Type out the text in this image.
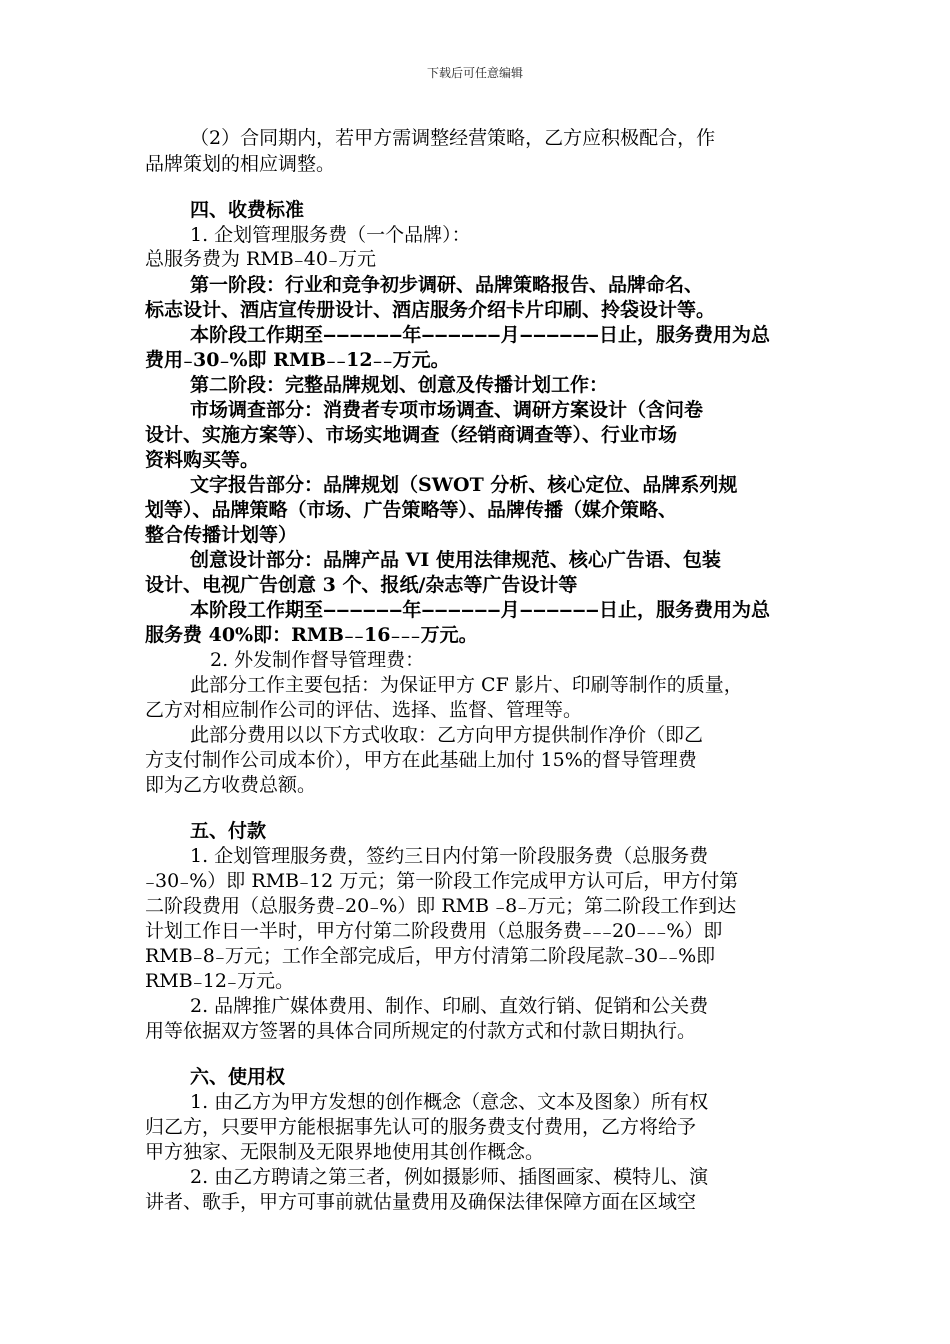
下载后可任意编辑
（2）合同期内，若甲方需调整经营策略，乙方应积极配合，作
品牌策划的相应调整。
四、收费标准
1. 企划管理服务费（一个品牌）：
总服务费为 RMB₋40₋万元
第一阶段：行业和竞争初步调研、品牌策略报告、品牌命名、
标志设计、酒店宣传册设计、酒店服务介绍卡片印刷、拎袋设计等。
本阶段工作期至‒‒‒‒‒‒年‒‒‒‒‒‒月‒‒‒‒‒‒日止，服务费用为总
费用₋30₋%即 RMB₋₋12₋₋万元。
第二阶段：完整品牌规划、创意及传播计划工作：
市场调查部分：消费者专项市场调查、调研方案设计（含问卷
设计、实施方案等）、市场实地调查（经销商调查等）、行业市场
资料购买等。
文字报告部分：品牌规划（SWOT 分析、核心定位、品牌系列规
划等）、品牌策略（市场、广告策略等）、品牌传播（媒介策略、
整合传播计划等）
创意设计部分：品牌产品 VI 使用法律规范、核心广告语、包装
设计、电视广告创意 3 个、报纸/杂志等广告设计等
本阶段工作期至‒‒‒‒‒‒年‒‒‒‒‒‒月‒‒‒‒‒‒日止，服务费用为总
服务费 40%即：RMB₋₋16₋₋₋万元。
2. 外发制作督导管理费：
此部分工作主要包括：为保证甲方 CF 影片、印刷等制作的质量，
乙方对相应制作公司的评估、选择、监督、管理等。
此部分费用以以下方式收取：乙方向甲方提供制作净价（即乙
方支付制作公司成本价），甲方在此基础上加付 15%的督导管理费
即为乙方收费总额。
五、付款
1. 企划管理服务费，签约三日内付第一阶段服务费（总服务费
₋30₋%）即 RMB₋12 万元；第一阶段工作完成甲方认可后，甲方付第
二阶段费用（总服务费₋20₋%）即 RMB ₋8₋万元；第二阶段工作到达
计划工作日一半时，甲方付第二阶段费用（总服务费₋₋₋20₋₋₋%）即
RMB₋8₋万元；工作全部完成后，甲方付清第二阶段尾款₋30₋₋%即
RMB₋12₋万元。
2. 品牌推广媒体费用、制作、印刷、直效行销、促销和公关费
用等依据双方签署的具体合同所规定的付款方式和付款日期执行。
六、使用权
1. 由乙方为甲方发想的创作概念（意念、文本及图象）所有权
归乙方，只要甲方能根据事先认可的服务费支付费用，乙方将给予
甲方独家、无限制及无限界地使用其创作概念。
2. 由乙方聘请之第三者，例如摄影师、插图画家、模特儿、演
讲者、歌手，甲方可事前就估量费用及确保法律保障方面在区域空
